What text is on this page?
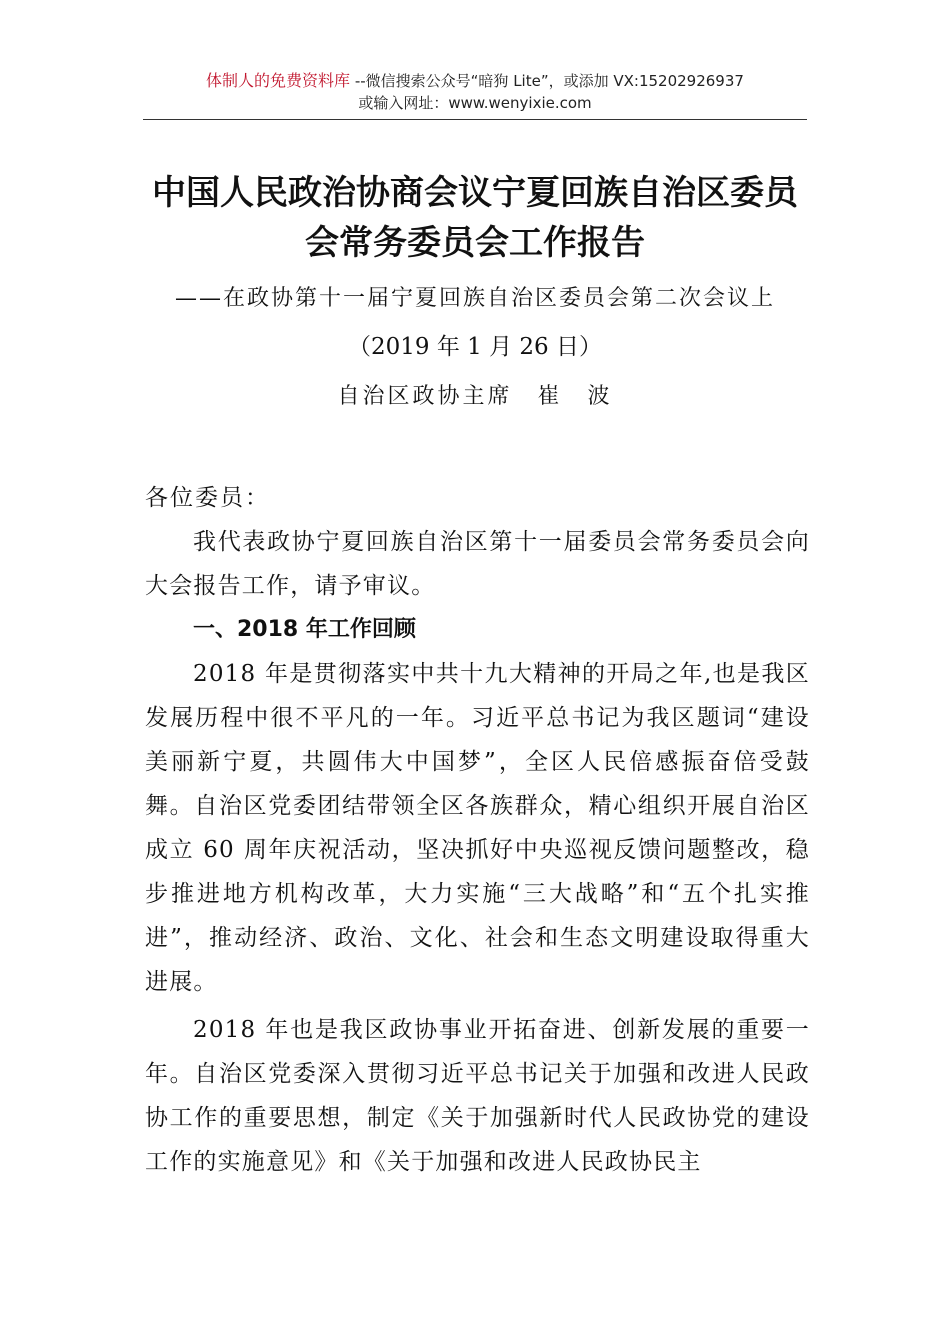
体制人的免费资料库 --微信搜索公众号“暗狗 Lite”，或添加 VX:15202926937
或输入网址：www.wenyixie.com
中国人民政治协商会议宁夏回族自治区委员会常务委员会工作报告
——在政协第十一届宁夏回族自治区委员会第二次会议上
（2019 年 1 月 26 日）
自治区政协主席　崔　波
各位委员：
我代表政协宁夏回族自治区第十一届委员会常务委员会向大会报告工作，请予审议。
一、2018 年工作回顾
2018 年是贯彻落实中共十九大精神的开局之年,也是我区发展历程中很不平凡的一年。习近平总书记为我区题词“建设美丽新宁夏，共圆伟大中国梦”，全区人民倍感振奋倍受鼓舞。自治区党委团结带领全区各族群众，精心组织开展自治区成立 60 周年庆祝活动，坚决抓好中央巡视反馈问题整改，稳步推进地方机构改革，大力实施“三大战略”和“五个扎实推进”，推动经济、政治、文化、社会和生态文明建设取得重大进展。
2018 年也是我区政协事业开拓奋进、创新发展的重要一年。自治区党委深入贯彻习近平总书记关于加强和改进人民政协工作的重要思想，制定《关于加强新时代人民政协党的建设工作的实施意见》和《关于加强和改进人民政协民主
